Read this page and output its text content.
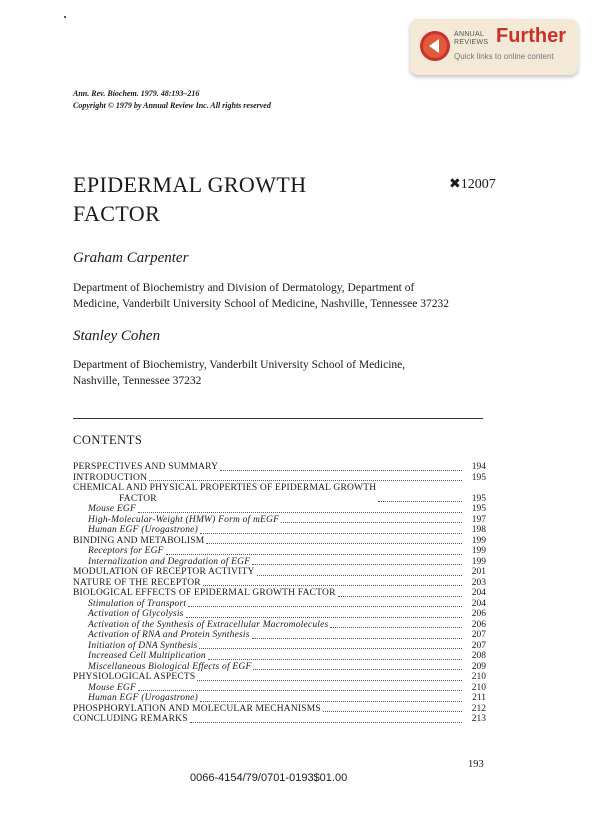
ANNUAL
REVIEWS Further
Quick links to online content
Ann. Rev. Biochem. 1979. 48:193–216
Copyright © 1979 by Annual Review Inc. All rights reserved
EPIDERMAL GROWTH
FACTOR
✖12007
Graham Carpenter
Department of Biochemistry and Division of Dermatology, Department of
Medicine, Vanderbilt University School of Medicine, Nashville, Tennessee 37232
Stanley Cohen
Department of Biochemistry, Vanderbilt University School of Medicine,
Nashville, Tennessee 37232
CONTENTS
PERSPECTIVES AND SUMMARY	194
INTRODUCTION	195
CHEMICAL AND PHYSICAL PROPERTIES OF EPIDERMAL GROWTH
FACTOR	195
Mouse EGF	195
High-Molecular-Weight (HMW) Form of mEGF	197
Human EGF (Urogastrone)	198
BINDING AND METABOLISM	199
Receptors for EGF	199
Internalization and Degradation of EGF	199
MODULATION OF RECEPTOR ACTIVITY	201
NATURE OF THE RECEPTOR	203
BIOLOGICAL EFFECTS OF EPIDERMAL GROWTH FACTOR	204
Stimulation of Transport	204
Activation of Glycolysis	206
Activation of the Synthesis of Extracellular Macromolecules	206
Activation of RNA and Protein Synthesis	207
Initiation of DNA Synthesis	207
Increased Cell Multiplication	208
Miscellaneous Biological Effects of EGF	209
PHYSIOLOGICAL ASPECTS	210
Mouse EGF	210
Human EGF (Urogastrone)	211
PHOSPHORYLATION AND MOLECULAR MECHANISMS	212
CONCLUDING REMARKS	213
193
0066-4154/79/0701-0193$01.00
